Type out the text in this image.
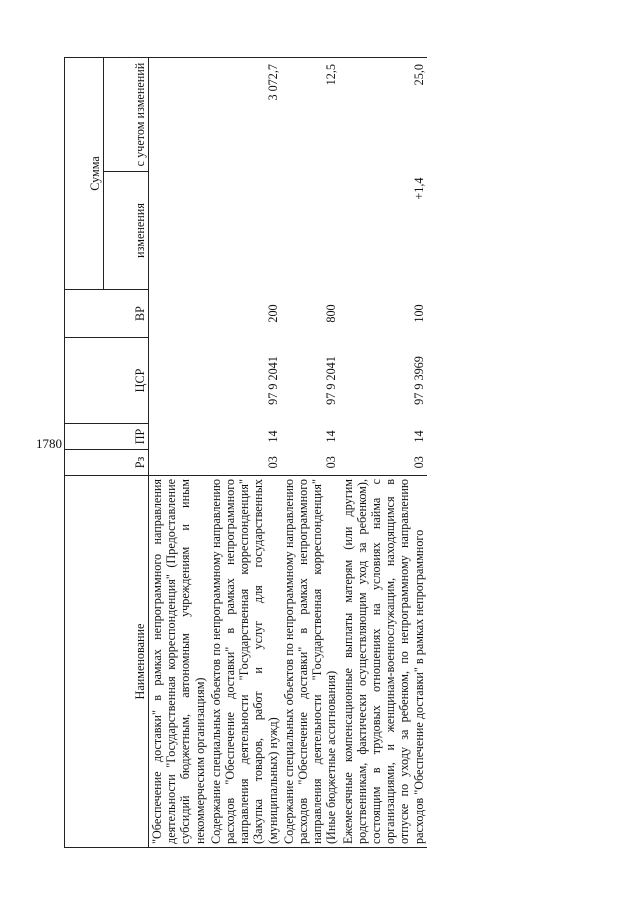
1780
Наименование	Рз	ПР	ЦСР	ВР	Сумма	
					изменения	с учетом изменений
"Обеспечение доставки" в рамках непрограммного направления деятельности "Государственная корреспонденция" (Предоставление субсидий бюджетным, автономным учреждениям и иным некоммерческим организациям)						
Содержание специальных объектов по непрограммному направлению расходов "Обеспечение доставки" в рамках непрограммного направления деятельности "Государственная корреспонденция" (Закупка товаров, работ и услуг для государственных (муниципальных) нужд)	03	14	97 9 2041	200		3 072,7
Содержание специальных объектов по непрограммному направлению расходов "Обеспечение доставки" в рамках непрограммного направления деятельности "Государственная корреспонденция" (Иные бюджетные ассигнования)	03	14	97 9 2041	800		12,5
Ежемесячные компенсационные выплаты матерям (или другим родственникам, фактически осуществляющим уход за ребенком), состоящим в трудовых отношениях на условиях найма с организациями, и женщинам-военнослужащим, находящимся в отпуске по уходу за ребенком, по непрограммному направлению расходов "Обеспечение доставки" в рамках непрограммного	03	14	97 9 3969	100	+1,4	25,0
